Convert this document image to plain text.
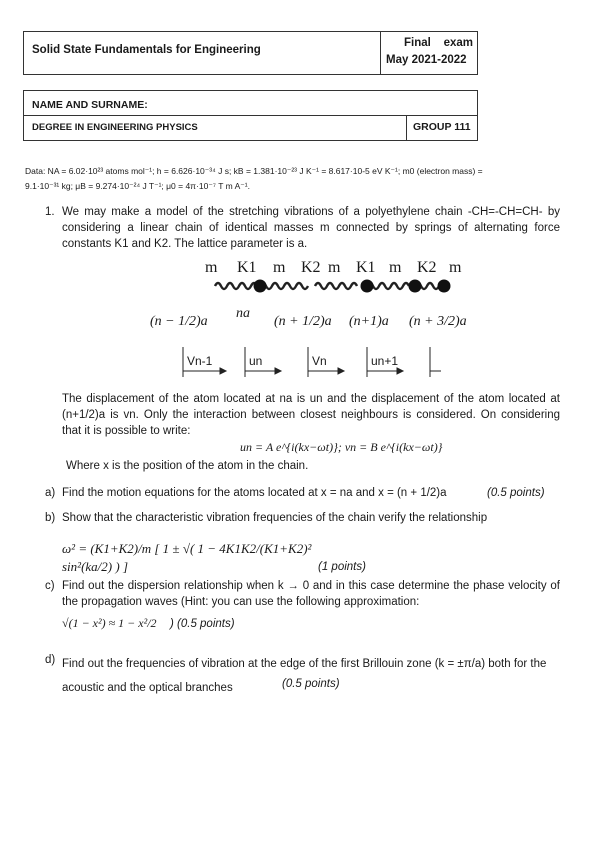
Solid State Fundamentals for Engineering
Final    exam
May 2021-2022
NAME AND SURNAME:
DEGREE IN ENGINEERING PHYSICS	GROUP 111
Data: NA = 6.02·10²³ atoms mol⁻¹; h = 6.626·10⁻³⁴ J s; kB = 1.381·10⁻²³ J K⁻¹ = 8.617·10-5 eV K⁻¹; m0 (electron mass) =
9.1·10⁻³¹ kg; μB = 9.274·10⁻²⁴ J T⁻¹; μ0 = 4π·10⁻⁷ T m A⁻¹.
1. We may make a model of the stretching vibrations of a polyethylene chain -CH=-CH=CH- by considering a linear chain of identical masses m connected by springs of alternating force constants K1 and K2. The lattice parameter is a.
m K1 m K2 m K1 m K2 m
(n − 1/2)a
na
(n + 1/2)a (n+1)a (n + 3/2)a
Vn-1	un	Vn	un+1
The displacement of the atom located at na is un and the displacement of the atom located at (n+1/2)a is vn. Only the interaction between closest neighbours is considered. On considering that it is possible to write:
un = A e^{i(kx−ωt)}; vn = B e^{i(kx−ωt)}
Where x is the position of the atom in the chain.
a) Find the motion equations for the atoms located at x = na and x = (n + 1/2)a	(0.5 points)
b) Show that the characteristic vibration frequencies of the chain verify the relationship
ω² = (K1+K2)/m [ 1 ± √( 1 − 4K1K2/(K1+K2)² sin²(ka/2) ) ]	(1 points)
c) Find out the dispersion relationship when k → 0 and in this case determine the phase velocity of the propagation waves (Hint: you can use the following approximation:
√(1 − x²) ≈ 1 − x²/2 ) (0.5 points)
d) Find out the frequencies of vibration at the edge of the first Brillouin zone (k = ±π/a) both for the acoustic and the optical branches	(0.5 points)
